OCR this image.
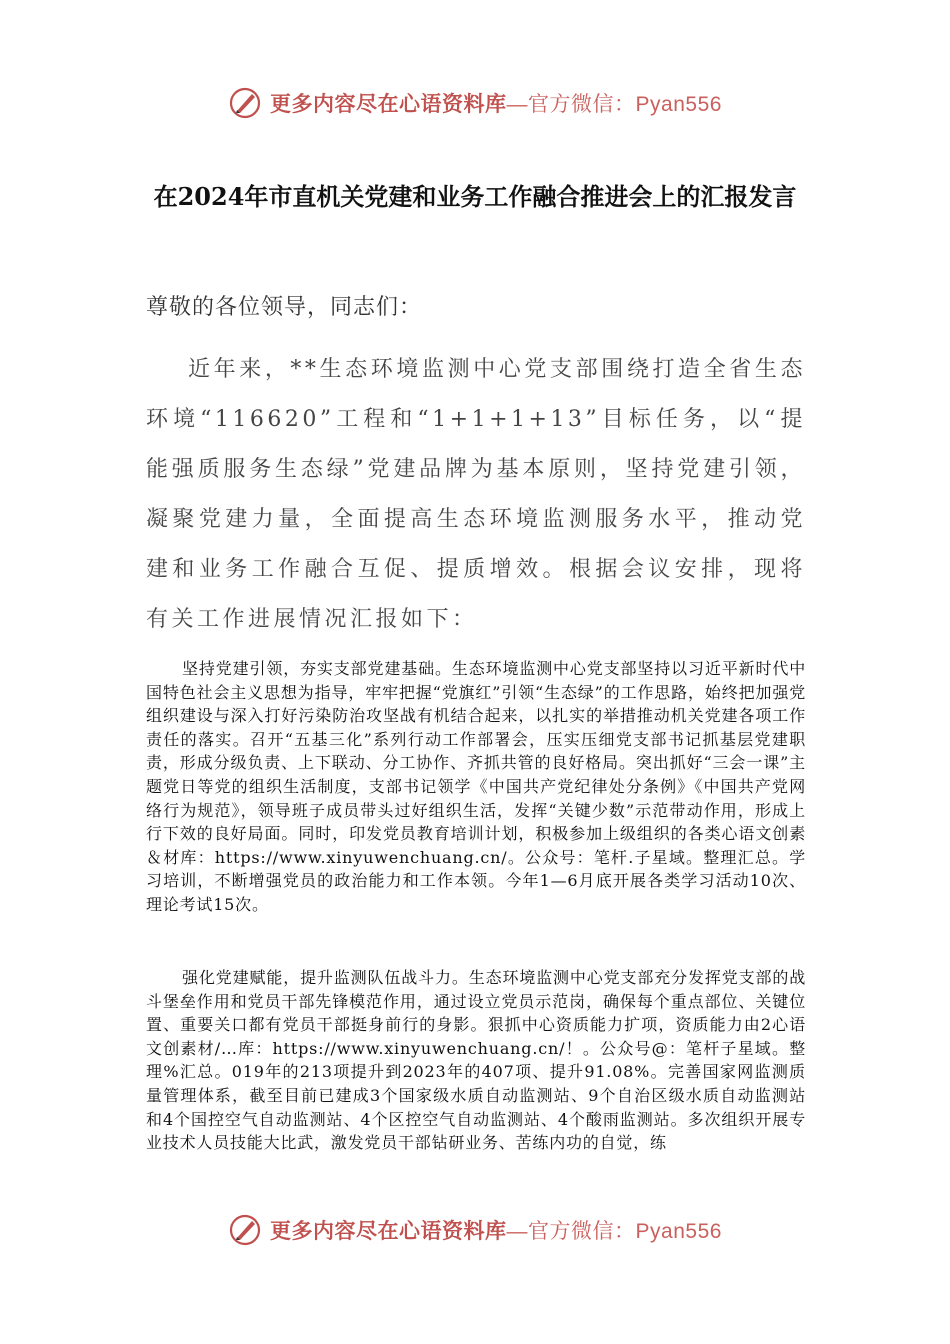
更多内容尽在心语资料库—官方微信：Pyan556
在2024年市直机关党建和业务工作融合推进会上的汇报发言
尊敬的各位领导，同志们：

近年来，**生态环境监测中心党支部围绕打造全省生态环境“116620”工程和“1+1+1+13”目标任务，以“提能强质服务生态绿”党建品牌为基本原则，坚持党建引领，凝聚党建力量，全面提高生态环境监测服务水平，推动党建和业务工作融合互促、提质增效。根据会议安排，现将有关工作进展情况汇报如下：

坚持党建引领，夯实支部党建基础。生态环境监测中心党支部坚持以习近平新时代中国特色社会主义思想为指导，牢牢把握“党旗红”引领“生态绿”的工作思路，始终把加强党组织建设与深入打好污染防治攻坚战有机结合起来，以扎实的举措推动机关党建各项工作责任的落实。召开“五基三化”系列行动工作部署会，压实压细党支部书记抓基层党建职责，形成分级负责、上下联动、分工协作、齐抓共管的良好格局。突出抓好“三会一课”主题党日等党的组织生活制度，支部书记领学《中国共产党纪律处分条例》《中国共产党网络行为规范》，领导班子成员带头过好组织生活，发挥“关键少数”示范带动作用，形成上行下效的良好局面。同时，印发党员教育培训计划，积极参加上级组织的各类心语文创素＆材库：https://www.xinyuwenchuang.cn/。公众号：笔杆.子星域。整理汇总。学习培训，不断增强党员的政治能力和工作本领。今年1—6月底开展各类学习活动10次、理论考试15次。

强化党建赋能，提升监测队伍战斗力。生态环境监测中心党支部充分发挥党支部的战斗堡垒作用和党员干部先锋模范作用，通过设立党员示范岗，确保每个重点部位、关键位置、重要关口都有党员干部挺身前行的身影。狠抓中心资质能力扩项，资质能力由2心语文创素材/…库：https://www.xinyuwenchuang.cn/！。公众号@：笔杆子星域。整理%汇总。019年的213项提升到2023年的407项、提升91.08%。完善国家网监测质量管理体系，截至目前已建成3个国家级水质自动监测站、9个自治区级水质自动监测站和4个国控空气自动监测站、4个区控空气自动监测站、4个酸雨监测站。多次组织开展专业技术人员技能大比武，激发党员干部钻研业务、苦练内功的自觉，练

更多内容尽在心语资料库—官方微信：Pyan556
